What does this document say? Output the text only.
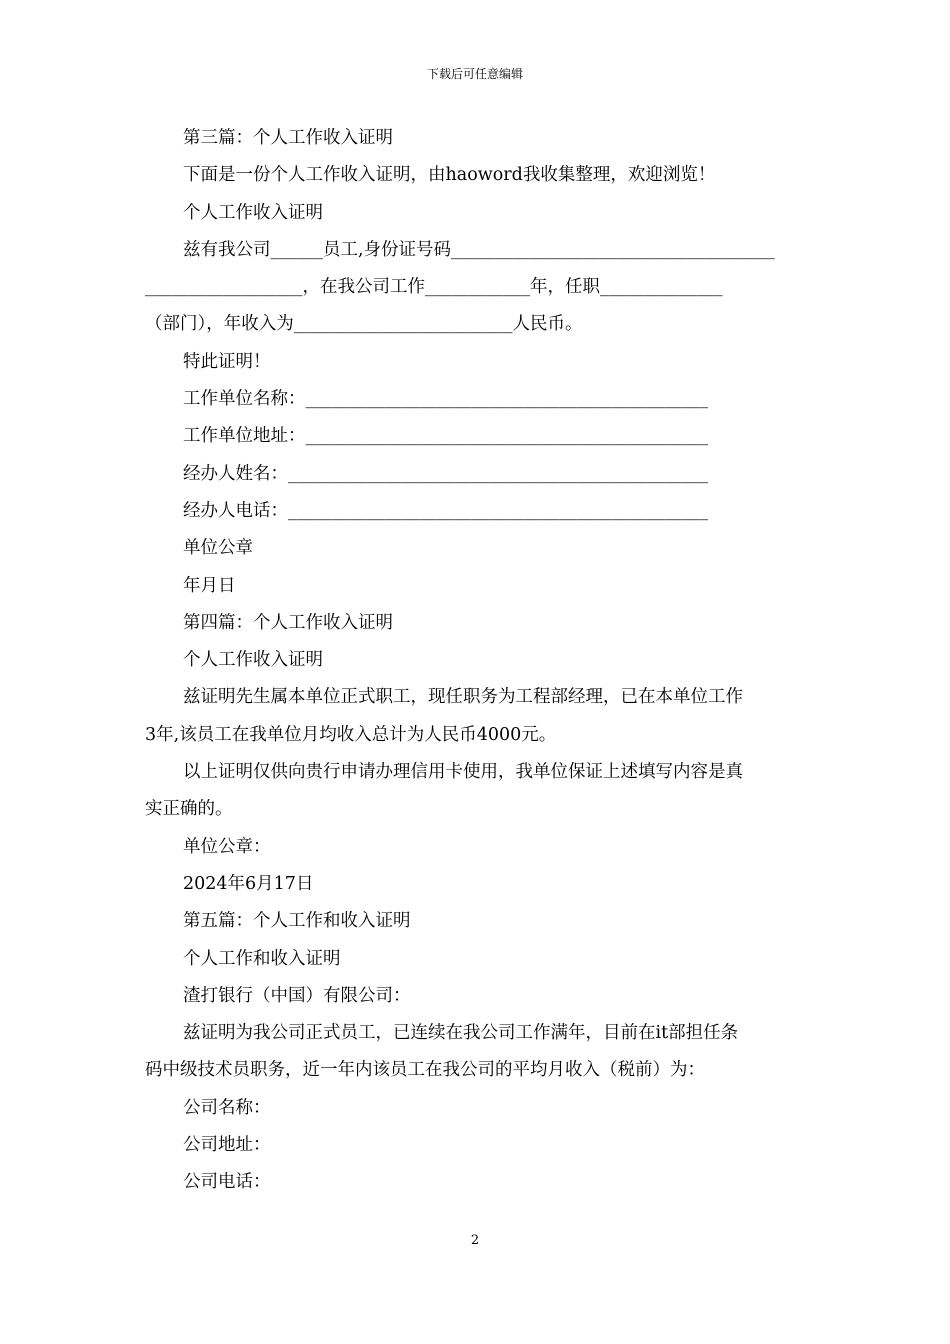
下载后可任意编辑
第三篇：个人工作收入证明
下面是一份个人工作收入证明，由haoword我收集整理，欢迎浏览！
个人工作收入证明
兹有我公司______员工,身份证号码_____________________________________
__________________，在我公司工作____________年，任职______________
（部门），年收入为_________________________人民币。
特此证明！
工作单位名称：______________________________________________
工作单位地址：______________________________________________
经办人姓名：________________________________________________
经办人电话：________________________________________________
单位公章
年月日
第四篇：个人工作收入证明
个人工作收入证明
兹证明先生属本单位正式职工，现任职务为工程部经理，已在本单位工作
3年,该员工在我单位月均收入总计为人民币4000元。
以上证明仅供向贵行申请办理信用卡使用，我单位保证上述填写内容是真
实正确的。
单位公章：
2024年6月17日
第五篇：个人工作和收入证明
个人工作和收入证明
渣打银行（中国）有限公司：
兹证明为我公司正式员工，已连续在我公司工作满年，目前在it部担任条
码中级技术员职务，近一年内该员工在我公司的平均月收入（税前）为：
公司名称：
公司地址：
公司电话：
2
